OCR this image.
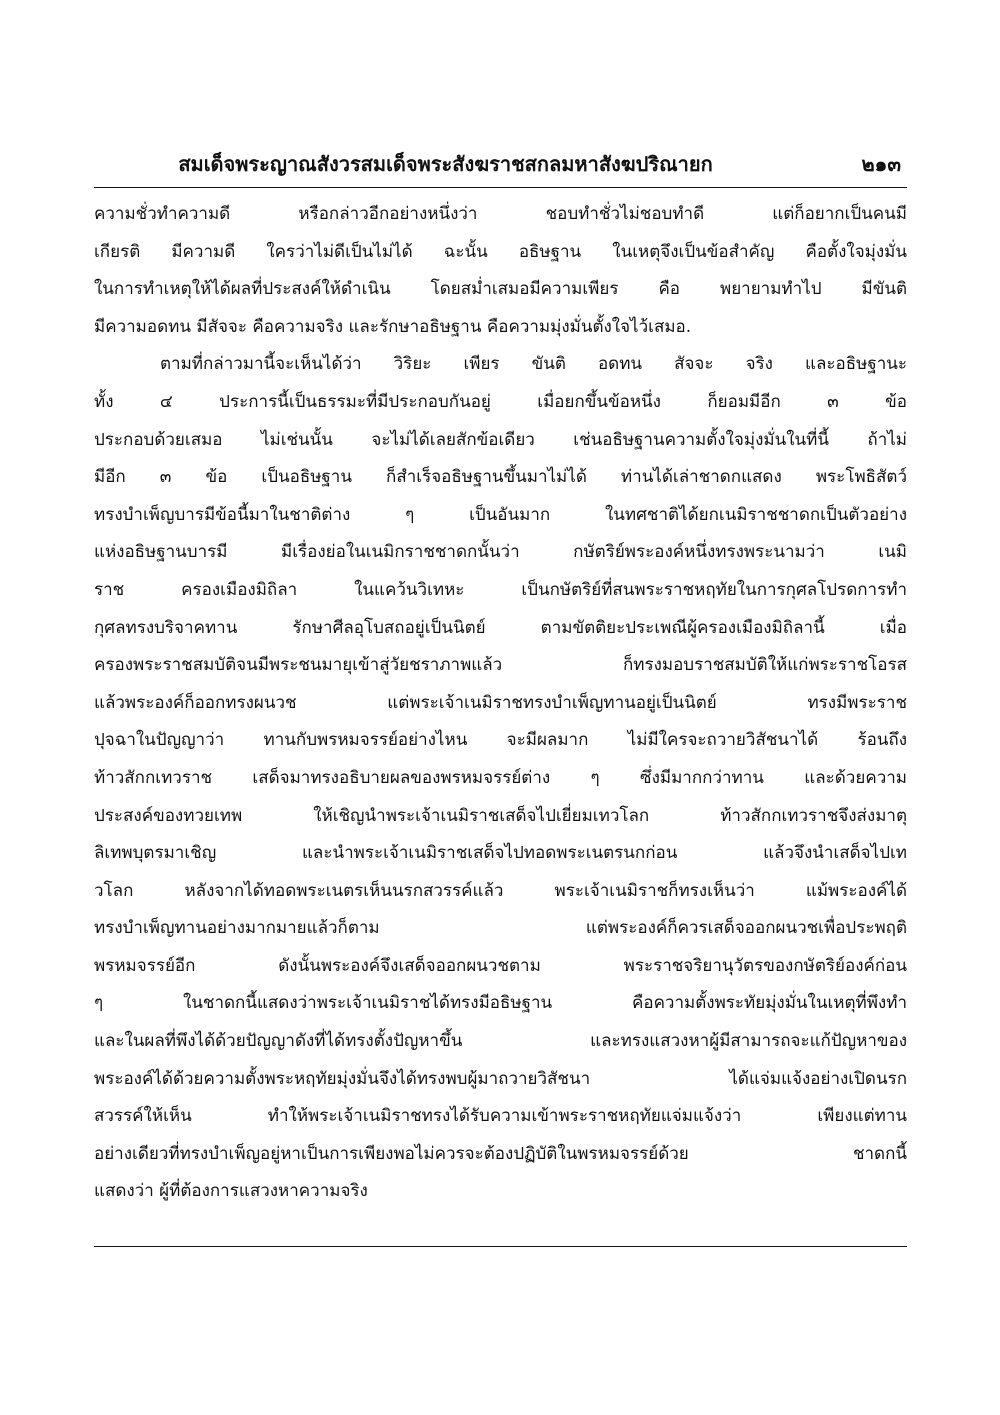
สมเด็จพระญาณสังวรสมเด็จพระสังฆราชสกลมหาสังฆปริณายก	๒๑๓
ความชั่วทำความดี หรือกล่าวอีกอย่างหนึ่งว่า ชอบทำชั่วไม่ชอบทำดี แต่ก็อยากเป็นคนมี
เกียรติ มีความดี ใครว่าไม่ดีเป็นไม่ได้ ฉะนั้น อธิษฐาน ในเหตุจึงเป็นข้อสำคัญ คือตั้งใจมุ่งมั่น
ในการทำเหตุให้ได้ผลที่ประสงค์ให้ดำเนิน โดยสม่ำเสมอมีความเพียร คือ พยายามทำไป มีขันติ
มีความอดทน มีสัจจะ คือความจริง และรักษาอธิษฐาน คือความมุ่งมั่นตั้งใจไว้เสมอ.
ตามที่กล่าวมานี้จะเห็นได้ว่า วิริยะ เพียร ขันติ อดทน สัจจะ จริง และอธิษฐานะ
ทั้ง ๔ ประการนี้เป็นธรรมะที่มีประกอบกันอยู่ เมื่อยกขึ้นข้อหนึ่ง ก็ยอมมีอีก ๓ ข้อ
ประกอบด้วยเสมอ ไม่เช่นนั้น จะไม่ได้เลยสักข้อเดียว เช่นอธิษฐานความตั้งใจมุ่งมั่นในที่นี้ ถ้าไม่
มีอีก ๓ ข้อ เป็นอธิษฐาน ก็สำเร็จอธิษฐานขึ้นมาไม่ได้ ท่านได้เล่าชาดกแสดง พระโพธิสัตว์
ทรงบำเพ็ญบารมีข้อนี้มาในชาติต่าง ๆ เป็นอันมาก ในทศชาติได้ยกเนมิราชชาดกเป็นตัวอย่าง
แห่งอธิษฐานบารมี มีเรื่องย่อในเนมิกราชชาดกนั้นว่า กษัตริย์พระองค์หนึ่งทรงพระนามว่า เนมิ
ราช ครองเมืองมิถิลา ในแคว้นวิเทหะ เป็นกษัตริย์ที่สนพระราชหฤทัยในการกุศลโปรดการทำ
กุศลทรงบริจาคทาน รักษาศีลอุโบสถอยู่เป็นนิตย์ ตามขัตติยะประเพณีผู้ครองเมืองมิถิลานี้ เมื่อ
ครองพระราชสมบัติจนมีพระชนมายุเข้าสู่วัยชราภาพแล้ว ก็ทรงมอบราชสมบัติให้แก่พระราชโอรส
แล้วพระองค์ก็ออกทรงผนวช แต่พระเจ้าเนมิราชทรงบำเพ็ญทานอยู่เป็นนิตย์ ทรงมีพระราช
ปุจฉาในปัญญาว่า ทานกับพรหมจรรย์อย่างไหน จะมีผลมาก ไม่มีใครจะถวายวิสัชนาได้ ร้อนถึง
ท้าวสักกเทวราช เสด็จมาทรงอธิบายผลของพรหมจรรย์ต่าง ๆ ซึ่งมีมากกว่าทาน และด้วยความ
ประสงค์ของทวยเทพ ให้เชิญนำพระเจ้าเนมิราชเสด็จไปเยี่ยมเทวโลก ท้าวสักกเทวราชจึงส่งมาตุ
ลิเทพบุตรมาเชิญ และนำพระเจ้าเนมิราชเสด็จไปทอดพระเนตรนกก่อน แล้วจึงนำเสด็จไปเท
วโลก หลังจากได้ทอดพระเนตรเห็นนรกสวรรค์แล้ว พระเจ้าเนมิราชก็ทรงเห็นว่า แม้พระองค์ได้
ทรงบำเพ็ญทานอย่างมากมายแล้วก็ตาม แต่พระองค์ก็ควรเสด็จออกผนวชเพื่อประพฤติ
พรหมจรรย์อีก ดังนั้นพระองค์จึงเสด็จออกผนวชตาม พระราชจริยานุวัตรของกษัตริย์องค์ก่อน
ๆ ในชาดกนี้แสดงว่าพระเจ้าเนมิราชได้ทรงมีอธิษฐาน คือความตั้งพระทัยมุ่งมั่นในเหตุที่พึงทำ
และในผลที่พึงได้ด้วยปัญญาดังที่ได้ทรงตั้งปัญหาขึ้น และทรงแสวงหาผู้มีสามารถจะแก้ปัญหาของ
พระองค์ได้ด้วยความตั้งพระหฤทัยมุ่งมั่นจึงได้ทรงพบผู้มาถวายวิสัชนา ได้แจ่มแจ้งอย่างเปิดนรก
สวรรค์ให้เห็น ทำให้พระเจ้าเนมิราชทรงได้รับความเข้าพระราชหฤทัยแจ่มแจ้งว่า เพียงแต่ทาน
อย่างเดียวที่ทรงบำเพ็ญอยู่หาเป็นการเพียงพอไม่ควรจะต้องปฏิบัติในพรหมจรรย์ด้วย ชาดกนี้
แสดงว่า ผู้ที่ต้องการแสวงหาความจริง
